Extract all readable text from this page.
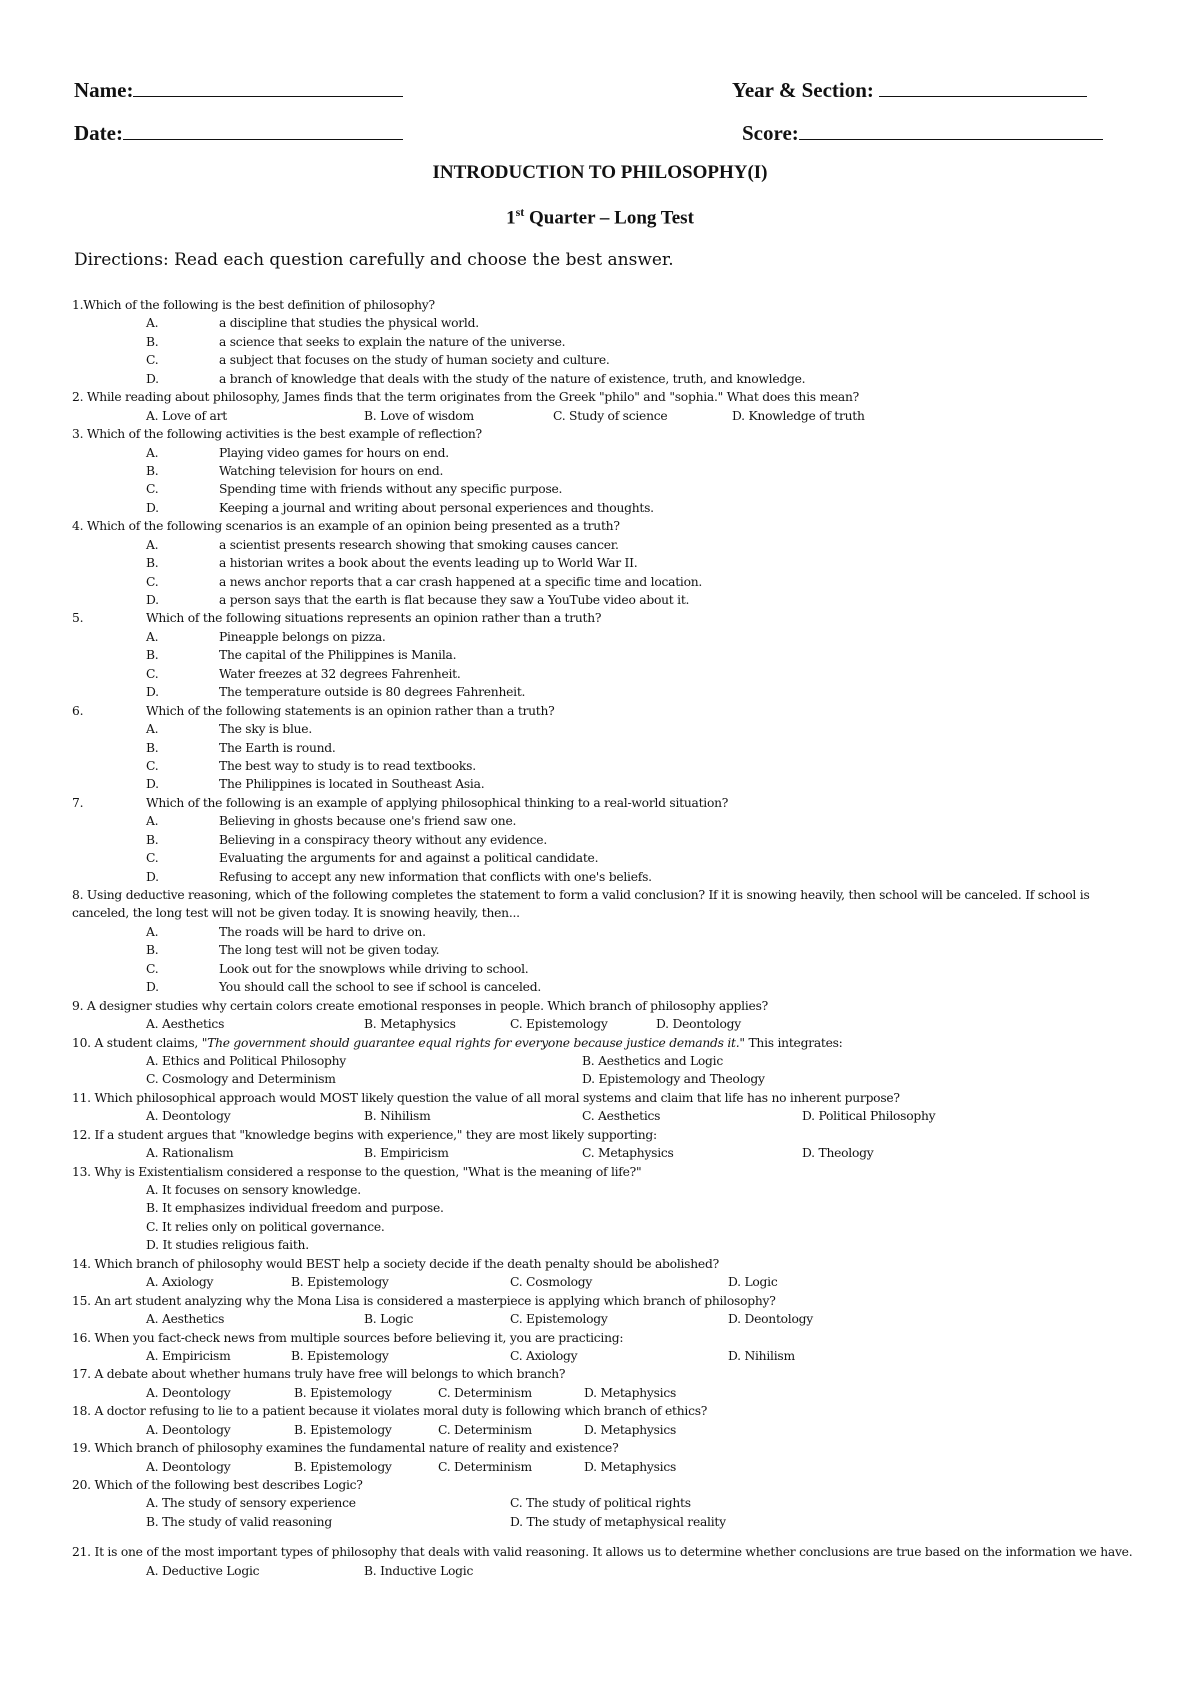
Name:	Year & Section:
Date:	Score:
INTRODUCTION TO PHILOSOPHY(I)
1st Quarter – Long Test
Directions: Read each question carefully and choose the best answer.
1.Which of the following is the best definition of philosophy?
A.	a discipline that studies the physical world.
B.	a science that seeks to explain the nature of the universe.
C.	a subject that focuses on the study of human society and culture.
D.	a branch of knowledge that deals with the study of the nature of existence, truth, and knowledge.
2. While reading about philosophy, James finds that the term originates from the Greek "philo" and "sophia." What does this mean?
A. Love of art	B. Love of wisdom	C. Study of science	D. Knowledge of truth
3. Which of the following activities is the best example of reflection?
A.	Playing video games for hours on end.
B.	Watching television for hours on end.
C.	Spending time with friends without any specific purpose.
D.	Keeping a journal and writing about personal experiences and thoughts.
4. Which of the following scenarios is an example of an opinion being presented as a truth?
A.	a scientist presents research showing that smoking causes cancer.
B.	a historian writes a book about the events leading up to World War II.
C.	a news anchor reports that a car crash happened at a specific time and location.
D.	a person says that the earth is flat because they saw a YouTube video about it.
5.	Which of the following situations represents an opinion rather than a truth?
A.	Pineapple belongs on pizza.
B.	The capital of the Philippines is Manila.
C.	Water freezes at 32 degrees Fahrenheit.
D.	The temperature outside is 80 degrees Fahrenheit.
6.	Which of the following statements is an opinion rather than a truth?
A.	The sky is blue.
B.	The Earth is round.
C.	The best way to study is to read textbooks.
D.	The Philippines is located in Southeast Asia.
7.	Which of the following is an example of applying philosophical thinking to a real-world situation?
A.	Believing in ghosts because one's friend saw one.
B.	Believing in a conspiracy theory without any evidence.
C.	Evaluating the arguments for and against a political candidate.
D.	Refusing to accept any new information that conflicts with one's beliefs.
8. Using deductive reasoning, which of the following completes the statement to form a valid conclusion? If it is snowing heavily, then school will be canceled. If school is canceled, the long test will not be given today. It is snowing heavily, then...
A.	The roads will be hard to drive on.
B.	The long test will not be given today.
C.	Look out for the snowplows while driving to school.
D.	You should call the school to see if school is canceled.
9. A designer studies why certain colors create emotional responses in people. Which branch of philosophy applies?
A. Aesthetics	B. Metaphysics	C. Epistemology	D. Deontology
10. A student claims, "The government should guarantee equal rights for everyone because justice demands it." This integrates:
A. Ethics and Political Philosophy	B. Aesthetics and Logic
C. Cosmology and Determinism	D. Epistemology and Theology
11. Which philosophical approach would MOST likely question the value of all moral systems and claim that life has no inherent purpose?
A. Deontology	B. Nihilism	C. Aesthetics	D. Political Philosophy
12. If a student argues that "knowledge begins with experience," they are most likely supporting:
A. Rationalism	B. Empiricism	C. Metaphysics	D. Theology
13. Why is Existentialism considered a response to the question, "What is the meaning of life?"
A. It focuses on sensory knowledge.
B. It emphasizes individual freedom and purpose.
C. It relies only on political governance.
D. It studies religious faith.
14. Which branch of philosophy would BEST help a society decide if the death penalty should be abolished?
A. Axiology	B. Epistemology	C. Cosmology	D. Logic
15. An art student analyzing why the Mona Lisa is considered a masterpiece is applying which branch of philosophy?
A. Aesthetics	B. Logic	C. Epistemology	D. Deontology
16. When you fact-check news from multiple sources before believing it, you are practicing:
A. Empiricism	B. Epistemology	C. Axiology	D. Nihilism
17. A debate about whether humans truly have free will belongs to which branch?
A. Deontology	B. Epistemology	C. Determinism	D. Metaphysics
18. A doctor refusing to lie to a patient because it violates moral duty is following which branch of ethics?
A. Deontology	B. Epistemology	C. Determinism	D. Metaphysics
19. Which branch of philosophy examines the fundamental nature of reality and existence?
A. Deontology	B. Epistemology	C. Determinism	D. Metaphysics
20. Which of the following best describes Logic?
A. The study of sensory experience	C. The study of political rights
B. The study of valid reasoning	D. The study of metaphysical reality
21. It is one of the most important types of philosophy that deals with valid reasoning. It allows us to determine whether conclusions are true based on the information we have.
A. Deductive Logic	B. Inductive Logic
